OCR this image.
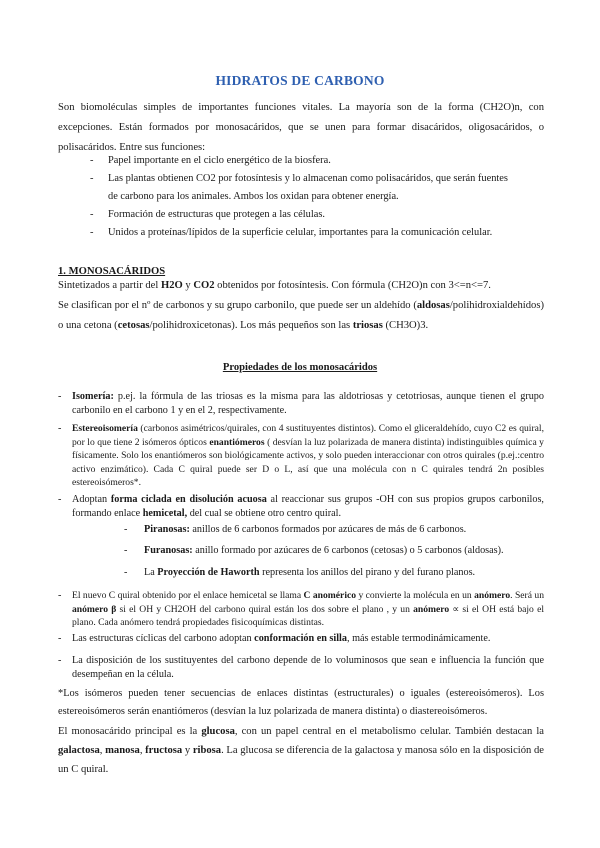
HIDRATOS DE CARBONO

Son biomoléculas simples de importantes funciones vitales. La mayoría son de la forma (CH2O)n, con excepciones. Están formados por monosacáridos, que se unen para formar disacáridos, oligosacáridos, o polisacáridos. Entre sus funciones:

- Papel importante en el ciclo energético de la biosfera.
- Las plantas obtienen CO2 por fotosíntesis y lo almacenan como polisacáridos, que serán fuentes
de carbono para los animales. Ambos los oxidan para obtener energía.
- Formación de estructuras que protegen a las células.
- Unidos a proteínas/lípidos de la superficie celular, importantes para la comunicación celular.
1. MONOSACÁRIDOS

Sintetizados a partir del H2O y CO2 obtenidos por fotosíntesis. Con fórmula (CH2O)n con 3<=n<=7.

Se clasifican por el nº de carbonos y su grupo carbonilo, que puede ser un aldehído (aldosas/polihidroxialdehídos) o una cetona (cetosas/polihidroxicetonas). Los más pequeños son las triosas (CH3O)3.

Propiedades de los monosacáridos
- Isomería: p.ej. la fórmula de las triosas es la misma para las aldotriosas y cetotriosas, aunque tienen el grupo carbonilo en el carbono 1 y en el 2, respectivamente.
- Estereoisomería (carbonos asimétricos/quirales, con 4 sustituyentes distintos). Como el gliceraldehído, cuyo C2 es quiral, por lo que tiene 2 isómeros ópticos enantiómeros ( desvían la luz polarizada de manera distinta) indistinguibles química y físicamente. Solo los enantiómeros son biológicamente activos, y solo pueden interaccionar con otros quirales (p.ej.:centro activo enzimático). Cada C quiral puede ser D o L, así que una molécula con n C quirales tendrá 2n posibles estereoisómeros*.
- Adoptan forma ciclada en disolución acuosa al reaccionar sus grupos -OH con sus propios grupos carbonilos, formando enlace hemicetal, del cual se obtiene otro centro quiral.
- Piranosas: anillos de 6 carbonos formados por azúcares de más de 6 carbonos.
- Furanosas: anillo formado por azúcares de 6 carbonos (cetosas) o 5 carbonos (aldosas).
- La Proyección de Haworth representa los anillos del pirano y del furano planos.
- El nuevo C quiral obtenido por el enlace hemicetal se llama C anomérico y convierte la molécula en un anómero. Será un anómero β si el OH y CH2OH del carbono quiral están los dos sobre el plano , y un anómero ∝ si el OH está bajo el plano. Cada anómero tendrá propiedades fisicoquímicas distintas.
- Las estructuras cíclicas del carbono adoptan conformación en silla, más estable termodinámicamente.
- La disposición de los sustituyentes del carbono depende de lo voluminosos que sean e influencia la función que desempeñan en la célula.

*Los isómeros pueden tener secuencias de enlaces distintas (estructurales) o iguales (estereoisómeros). Los estereoisómeros serán enantiómeros (desvían la luz polarizada de manera distinta) o diastereoisómeros.

El monosacárido principal es la glucosa, con un papel central en el metabolismo celular. También destacan la galactosa, manosa, fructosa y ribosa. La glucosa se diferencia de la galactosa y manosa sólo en la disposición de un C quiral.
